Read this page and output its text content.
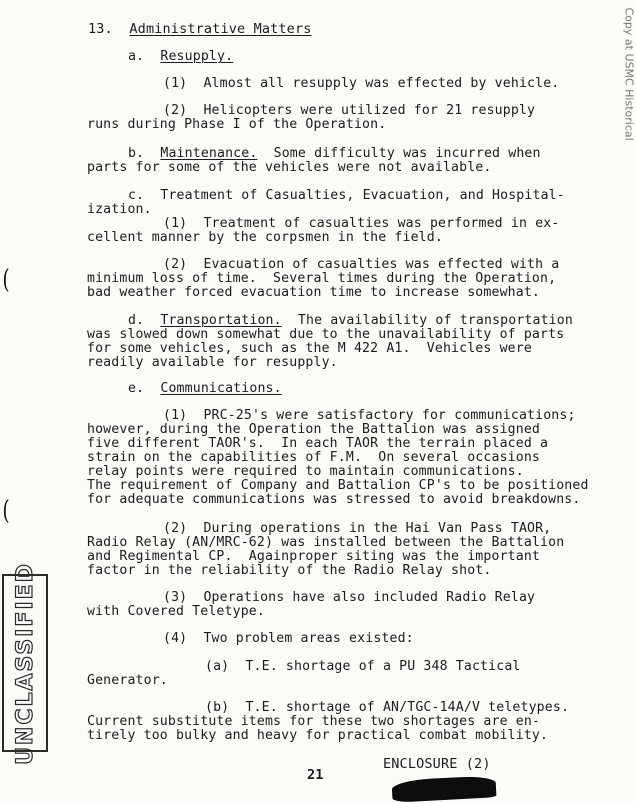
Copy at USMC Historical
13. Administrative Matters
a. Resupply.
(1)  Almost all resupply was effected by vehicle.
(2)  Helicopters were utilized for 21 resupply
runs during Phase I of the Operation.
b. Maintenance.  Some difficulty was incurred when
parts for some of the vehicles were not available.
c.  Treatment of Casualties, Evacuation, and Hospital-
ization.
(1)  Treatment of casualties was performed in ex-
cellent manner by the corpsmen in the field.
(2)  Evacuation of casualties was effected with a
minimum loss of time.  Several times during the Operation,
bad weather forced evacuation time to increase somewhat.
d. Transportation.  The availability of transportation
was slowed down somewhat due to the unavailability of parts
for some vehicles, such as the M 422 A1.  Vehicles were
readily available for resupply.
e. Communications.
(1)  PRC-25's were satisfactory for communications;
however, during the Operation the Battalion was assigned
five different TAOR's.  In each TAOR the terrain placed a
strain on the capabilities of F.M.  On several occasions
relay points were required to maintain communications.
The requirement of Company and Battalion CP's to be positioned
for adequate communications was stressed to avoid breakdowns.
(2)  During operations in the Hai Van Pass TAOR,
Radio Relay (AN/MRC-62) was installed between the Battalion
and Regimental CP.  Againproper siting was the important
factor in the reliability of the Radio Relay shot.
(3)  Operations have also included Radio Relay
with Covered Teletype.
(4)  Two problem areas existed:
(a)  T.E. shortage of a PU 348 Tactical
Generator.
(b)  T.E. shortage of AN/TGC-14A/V teletypes.
Current substitute items for these two shortages are en-
tirely too bulky and heavy for practical combat mobility.
21
ENCLOSURE (2)
(
(
UNCLASSIFIED
